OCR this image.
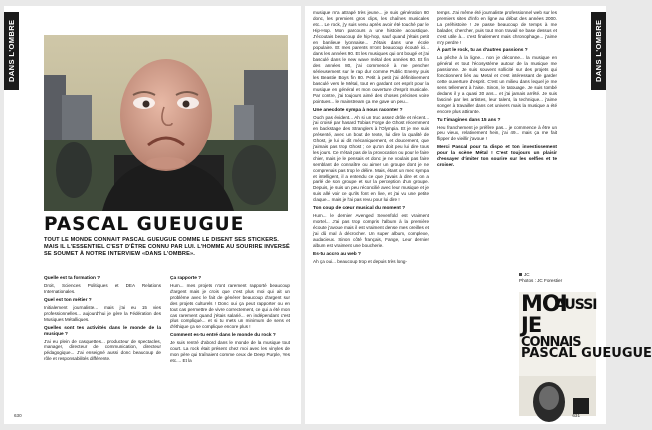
DANS L'OMBRE
PASCAL GUEUGUE
TOUT LE MONDE CONNAIT PASCAL GUEUGUE COMME LE DISENT SES STICKERS. MAIS IL L'ESSENTIEL C'EST D'ÊTRE CONNU PAR LUI. L'HOMME AU SOURIRE INVERSÉ SE SOUMET À NOTRE INTERVIEW «DANS L'OMBRE».
Quelle est ta formation ?

Droit, Sciences Politiques et DEA Relations Internationales.

Quel est ton métier ?

Initialement journaliste... mais j'ai eu 15 vies professionnelles... aujourd'hui je gère la Fédération des Musiques Métalliques.

Quelles sont tes activités dans le monde de la musique ?

J'ai eu plein de casquettes... producteur de spectacles, manager, directeur de communication, directeur pédagogique... J'ai enseigné aussi donc beaucoup de rôle et responsabilités différente.

Ça rapporte ?

Hum... mes projets n'ont rarement rapporté beaucoup d'argent mais je crois que c'est plus moi qui ait un problème avec le fait de générer beaucoup d'argent sur des projets culturels ! Donc oui ça peut rapporter ou en tout cas permettre de vivre correctement, ce qui a été mon cas rarement quand j'étais salarié... en indépendant c'est plus compliqué... et si tu mets un minimum de sens et d'éthique ça se complique encore plus !

Comment es-tu entré dans le monde du rock ?

Je suis rentré d'abord dans le monde de la musique tout court. La rock était présent chez moi avec les vinyles de mon père qui traînaient comme ceux de Deep Purple, Yes etc.... Et la

630
DANS L'OMBRE

musique m'a attrapé très jeune... je suis génération 80 donc, les premiers gros clips, les chaînes musicales etc... Le rock, j'y suis venu après avoir été touché par le Hip-Hop. Mon parcours a une histoire acoustique. J'écoutais beaucoup de hip-hop, sauf quand j'étais petit en banlieue lyonnaise... J'étais dans une école populaire. Et mes parents m'ont beaucoup écouté ici... dans les années 90. Et les musiques qui ont bougé et j'ai basculé dans le new wave métal des années 80. Et fin des années 80, j'ai commencé à me pencher sérieusement sur le rap dur comme Public Enemy puis les Beastie Boys fin 80. Petit à petit j'ai définitivement basculé vers le Métal, tout en gardant cet esprit pour la musique en général et mon ouverture d'esprit musicale. Par contre, j'ai toujours aimé des choses précises voire pointues... le mainstream ça me gave un peu...

Une anecdote sympa à nous raconter ?

Ouch pas évident... Ah si un truc assez drôle et récent... j'ai croisé par hasard Tobias Forge de Ghost récemment en backstage des Stranglers à l'Olympia. Et je me suis présenté, avec un bout de texte, lui dire la qualité de Ghost, je lui ai dit mécaniquement, et doucement, que j'aimais pas trop Ghost ; ce qu'on doit peu lui dire tous les jours. Ce n'était pas de la provocation ou pour le faire chier, mais je le pensais et donc je ne voulais pas faire semblant de connaître ou aimer un groupe dont je ne comprenais pas trop le délire. Mais, étant un mec sympa et intelligent, il a entendu ce que j'avais à dire et on a parlé de son groupe et sur la perception d'un groupe. Depuis, je suis un peu réconcilié avec leur musique et je suis allé voir ce qu'ils font en live, et j'ai vu une petite claque... mais je l'ai pas revu pour lui dire !

Ton coup de cœur musical du moment ?

Hum... le dernier Avenged Sevenfold est vraiment mortel... J'ai pas trop compris l'album à la première écoute j'avoue mais il est vraiment dense mes oreilles et j'ai dû mal à décrocher. Un super album, complexe, audacieux. Sinon côté français, Fange, Leur dernier album est vraiment une boucherie.

Es-tu accro au web ?

Ah ça oui... beaucoup trop et depuis très long-

temps. J'ai même été journaliste professionnel web sur les premiers sites d'info en ligne au début des années 2000. La préhistoire ! Je passe beaucoup de temps à me balader, chercher, puis tout mon travail se base dessus et c'est utile à... c'est finalement mais chronophage... j'aime m'y perdre !

À part le rock, tu as d'autres passions ?

La pêche à la ligne... non je déconne... la musique en général et tout l'écosystème autour de la musique me passionne. Je suis souvent sollicité sur des projets qui fonctionnent liés au Metal et c'est intéressant de garder cette ouverture d'esprit. C'est un milieu dans lequel je me sens tellement à l'aise. Sinon, le tatouage. Je suis tombé dedans il y a quasi 30 ans... et j'ai jamais arrêté. Je suis fasciné par les artistes, leur talent, la technique... j'aime songer à travailler dans cet univers mais la musique a été encore plus attirante.

Tu t'imagines dans 15 ans ?

Heu franchement je préfère pas... je commence à être un peu vieux, relativement hein, j'ai 49... mais ça me fait flipper de vieillir j'avoue !

Merci Pascal pour ta dispo et ton investissement pour la scène Métal ! C'est toujours un plaisir d'essayer d'imiter ton sourire sur les selfies et te croiser.
JC
Photos : JC Forestier
MOI
AUSSI
JE
CONNAIS
PASCAL GUEUGUE
631
